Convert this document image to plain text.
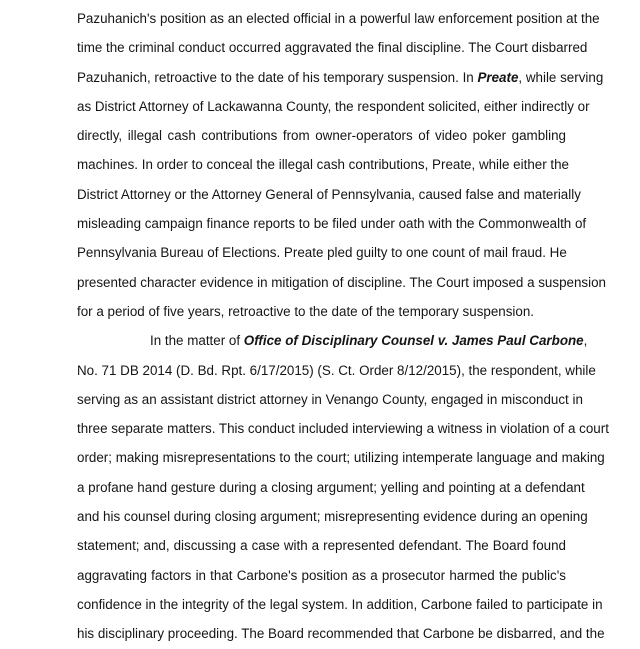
Pazuhanich's position as an elected official in a powerful law enforcement position at the
time the criminal conduct occurred aggravated the final discipline. The Court disbarred
Pazuhanich, retroactive to the date of his temporary suspension. In Preate, while serving
as District Attorney of Lackawanna County, the respondent solicited, either indirectly or
directly, illegal cash contributions from owner-operators of video poker gambling
machines. In order to conceal the illegal cash contributions, Preate, while either the
District Attorney or the Attorney General of Pennsylvania, caused false and materially
misleading campaign finance reports to be filed under oath with the Commonwealth of
Pennsylvania Bureau of Elections. Preate pled guilty to one count of mail fraud. He
presented character evidence in mitigation of discipline. The Court imposed a suspension
for a period of five years, retroactive to the date of the temporary suspension.
In the matter of Office of Disciplinary Counsel v. James Paul Carbone,
No. 71 DB 2014 (D. Bd. Rpt. 6/17/2015) (S. Ct. Order 8/12/2015), the respondent, while
serving as an assistant district attorney in Venango County, engaged in misconduct in
three separate matters. This conduct included interviewing a witness in violation of a court
order; making misrepresentations to the court; utilizing intemperate language and making
a profane hand gesture during a closing argument; yelling and pointing at a defendant
and his counsel during closing argument; misrepresenting evidence during an opening
statement; and, discussing a case with a represented defendant. The Board found
aggravating factors in that Carbone's position as a prosecutor harmed the public's
confidence in the integrity of the legal system. In addition, Carbone failed to participate in
his disciplinary proceeding. The Board recommended that Carbone be disbarred, and the
